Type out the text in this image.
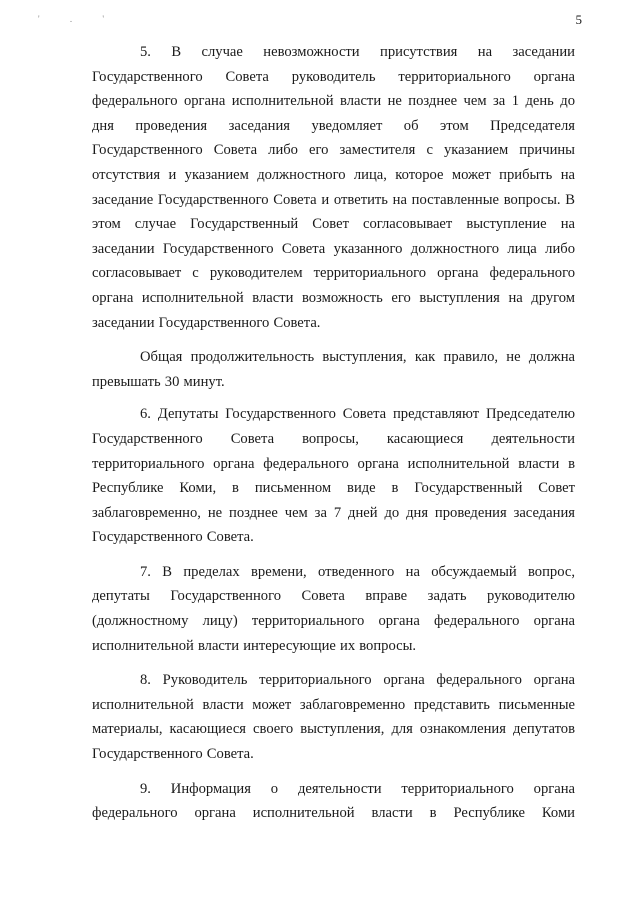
' . '	5

5. В случае невозможности присутствия на заседании Государственного Совета руководитель территориального органа федерального органа исполнительной власти не позднее чем за 1 день до дня проведения заседания уведомляет об этом Председателя Государственного Совета либо его заместителя с указанием причины отсутствия и указанием должностного лица, которое может прибыть на заседание Государственного Совета и ответить на поставленные вопросы. В этом случае Государственный Совет согласовывает выступление на заседании Государственного Совета указанного должностного лица либо согласовывает с руководителем территориального органа федерального органа исполнительной власти возможность его выступления на другом заседании Государственного Совета.

Общая продолжительность выступления, как правило, не должна превышать 30 минут.

6. Депутаты Государственного Совета представляют Председателю Государственного Совета вопросы, касающиеся деятельности территориального органа федерального органа исполнительной власти в Республике Коми, в письменном виде в Государственный Совет заблаговременно, не позднее чем за 7 дней до дня проведения заседания Государственного Совета.

7. В пределах времени, отведенного на обсуждаемый вопрос, депутаты Государственного Совета вправе задать руководителю (должностному лицу) территориального органа федерального органа исполнительной власти интересующие их вопросы.

8. Руководитель территориального органа федерального органа исполнительной власти может заблаговременно представить письменные материалы, касающиеся своего выступления, для ознакомления депутатов Государственного Совета.

9. Информация о деятельности территориального органа федерального органа исполнительной власти в Республике Коми
